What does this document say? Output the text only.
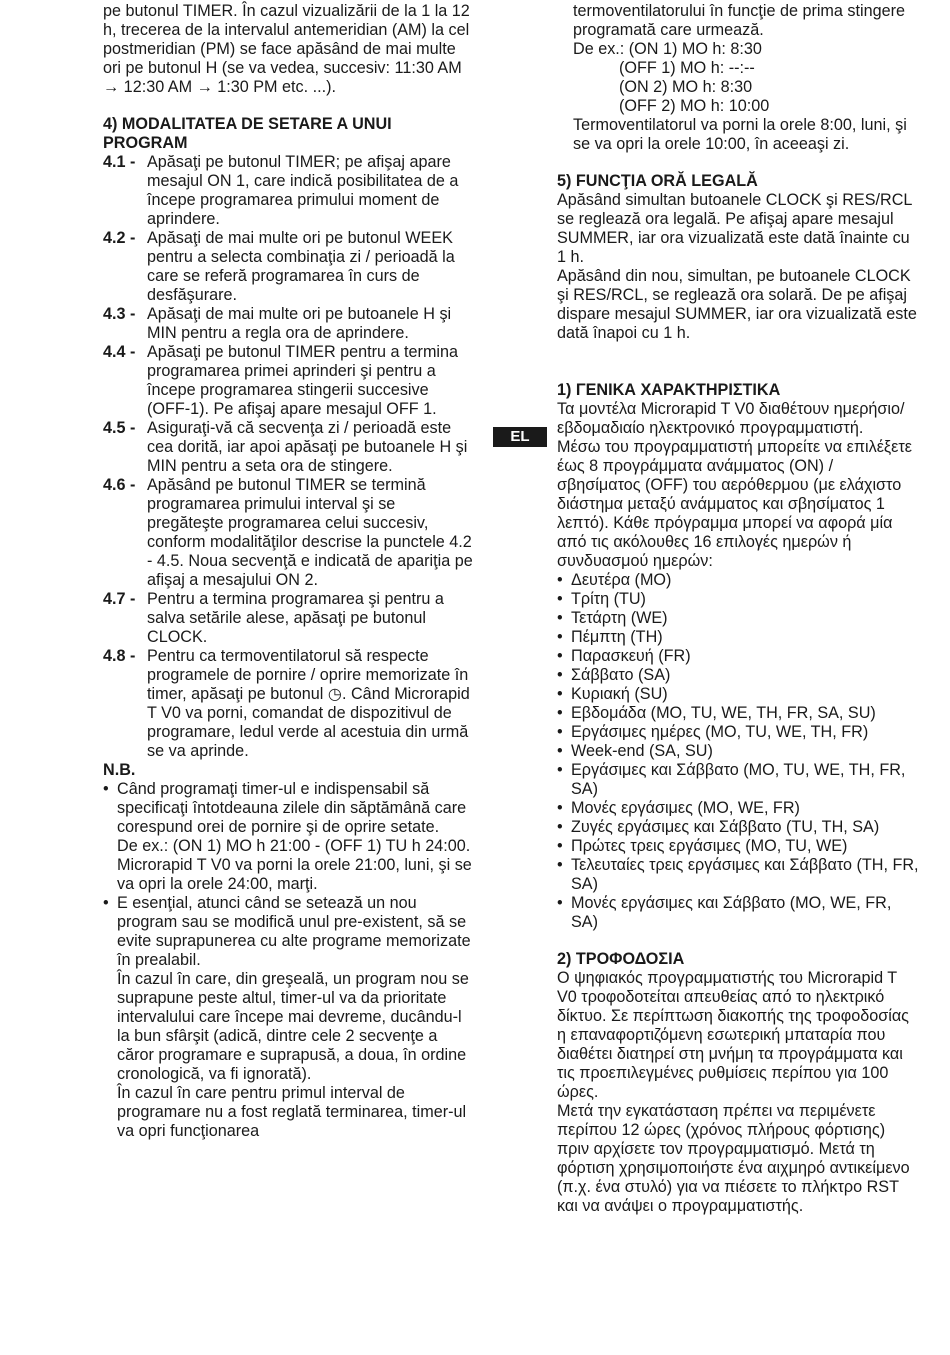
pe butonul TIMER. În cazul vizualizării de la 1 la 12 h, trecerea de la intervalul antemeridian (AM) la cel postmeridian (PM) se face apăsând de mai multe ori pe butonul H (se va vedea, succesiv: 11:30 AM → 12:30 AM → 1:30 PM etc. ...).

4) MODALITATEA DE SETARE A UNUI PROGRAM

4.1 - Apăsaţi pe butonul TIMER; pe afişaj apare mesajul ON 1, care indică posibilitatea de a începe programarea primului moment de aprindere.
4.2 - Apăsaţi de mai multe ori pe butonul WEEK pentru a selecta combinaţia zi / perioadă la care se referă programarea în curs de desfăşurare.
4.3 - Apăsaţi de mai multe ori pe butoanele H şi MIN pentru a regla ora de aprindere.
4.4 - Apăsaţi pe butonul TIMER pentru a termina programarea primei aprinderi şi pentru a începe programarea stingerii succesive (OFF-1). Pe afişaj apare mesajul OFF 1.
4.5 - Asiguraţi-vă că secvenţa zi / perioadă este cea dorită, iar apoi apăsaţi pe butoanele H şi MIN pentru a seta ora de stingere.
4.6 - Apăsând pe butonul TIMER se termină programarea primului interval şi se pregăteşte programarea celui succesiv, conform modalităţilor descrise la punctele 4.2 - 4.5. Noua secvenţă e indicată de apariţia pe afişaj a mesajului ON 2.
4.7 - Pentru a termina programarea şi pentru a salva setările alese, apăsaţi pe butonul CLOCK.
4.8 - Pentru ca termoventilatorul să respecte programele de pornire / oprire memorizate în timer, apăsaţi pe butonul ◷. Când Microrapid T V0 va porni, comandat de dispozitivul de programare, ledul verde al acestuia din urmă se va aprinde.

N.B.

• Când programaţi timer-ul e indispensabil să specificaţi întotdeauna zilele din săptămână care corespund orei de pornire şi de oprire setate.

De ex.: (ON 1) MO h 21:00 - (OFF 1) TU h 24:00. Microrapid T V0 va porni la orele 21:00, luni, şi se va opri la orele 24:00, marţi.

• E esenţial, atunci când se setează un nou program sau se modifică unul pre-existent, să se evite suprapunerea cu alte programe memorizate în prealabil.

În cazul în care, din greşeală, un program nou se suprapune peste altul, timer-ul va da prioritate intervalului care începe mai devreme, ducându-l la bun sfârşit (adică, dintre cele 2 secvenţe a căror programare e suprapusă, a doua, în ordine cronologică, va fi ignorată).

În cazul în care pentru primul interval de programare nu a fost reglată terminarea, timer-ul va opri funcţionarea

termoventilatorului în funcţie de prima stingere programată care urmează.

De ex.: (ON 1) MO h: 8:30

(OFF 1) MO h: --:--

(ON 2) MO h: 8:30

(OFF 2) MO h: 10:00

Termoventilatorul va porni la orele 8:00, luni, şi se va opri la orele 10:00, în aceeaşi zi.

5) FUNCŢIA ORĂ LEGALĂ

Apăsând simultan butoanele CLOCK şi RES/RCL se reglează ora legală. Pe afişaj apare mesajul SUMMER, iar ora vizualizată este dată înainte cu 1 h.

Apăsând din nou, simultan, pe butoanele CLOCK şi RES/RCL, se reglează ora solară. De pe afişaj dispare mesajul SUMMER, iar ora vizualizată este dată înapoi cu 1 h.

1) ΓΕΝΙΚΑ ΧΑΡΑΚΤΗΡΙΣΤΙΚΑ

Τα μοντέλα Microrapid T V0 διαθέτουν ημερήσιο/εβδομαδιαίο ηλεκτρονικό προγραμματιστή.

Μέσω του προγραμματιστή μπορείτε να επιλέξετε έως 8 προγράμματα ανάμματος (ON) / σβησίματος (OFF) του αερόθερμου (με ελάχιστο διάστημα μεταξύ ανάμματος και σβησίματος 1 λεπτό). Κάθε πρόγραμμα μπορεί να αφορά μία από τις ακόλουθες 16 επιλογές ημερών ή συνδυασμού ημερών:

• Δευτέρα (MO)
• Τρίτη (TU)
• Τετάρτη (WE)
• Πέμπτη (TH)
• Παρασκευή (FR)
• Σάββατο (SA)
• Κυριακή (SU)
• Εβδομάδα (MO, TU, WE, TH, FR, SA, SU)
• Εργάσιμες ημέρες (MO, TU, WE, TH, FR)
• Week-end (SA, SU)
• Εργάσιμες και Σάββατο (MO, TU, WE, TH, FR, SA)
• Μονές εργάσιμες (MO, WE, FR)
• Ζυγές εργάσιμες και Σάββατο (TU, TH, SA)
• Πρώτες τρεις εργάσιμες (MO, TU, WE)
• Τελευταίες τρεις εργάσιμες και Σάββατο (TH, FR, SA)
• Μονές εργάσιμες και Σάββατο (MO, WE, FR, SA)

2) ΤΡΟΦΟΔΟΣΙΑ

Ο ψηφιακός προγραμματιστής του Microrapid T V0 τροφοδοτείται απευθείας από το ηλεκτρικό δίκτυο. Σε περίπτωση διακοπής της τροφοδοσίας η επαναφορτιζόμενη εσωτερική μπαταρία που διαθέτει διατηρεί στη μνήμη τα προγράμματα και τις προεπιλεγμένες ρυθμίσεις περίπου για 100 ώρες.

Μετά την εγκατάσταση πρέπει να περιμένετε περίπου 12 ώρες (χρόνος πλήρους φόρτισης) πριν αρχίσετε τον προγραμματισμό. Μετά τη φόρτιση χρησιμοποιήστε ένα αιχμηρό αντικείμενο (π.χ. ένα στυλό) για να πιέσετε το πλήκτρο RST και να ανάψει ο προγραμματιστής.

EL
